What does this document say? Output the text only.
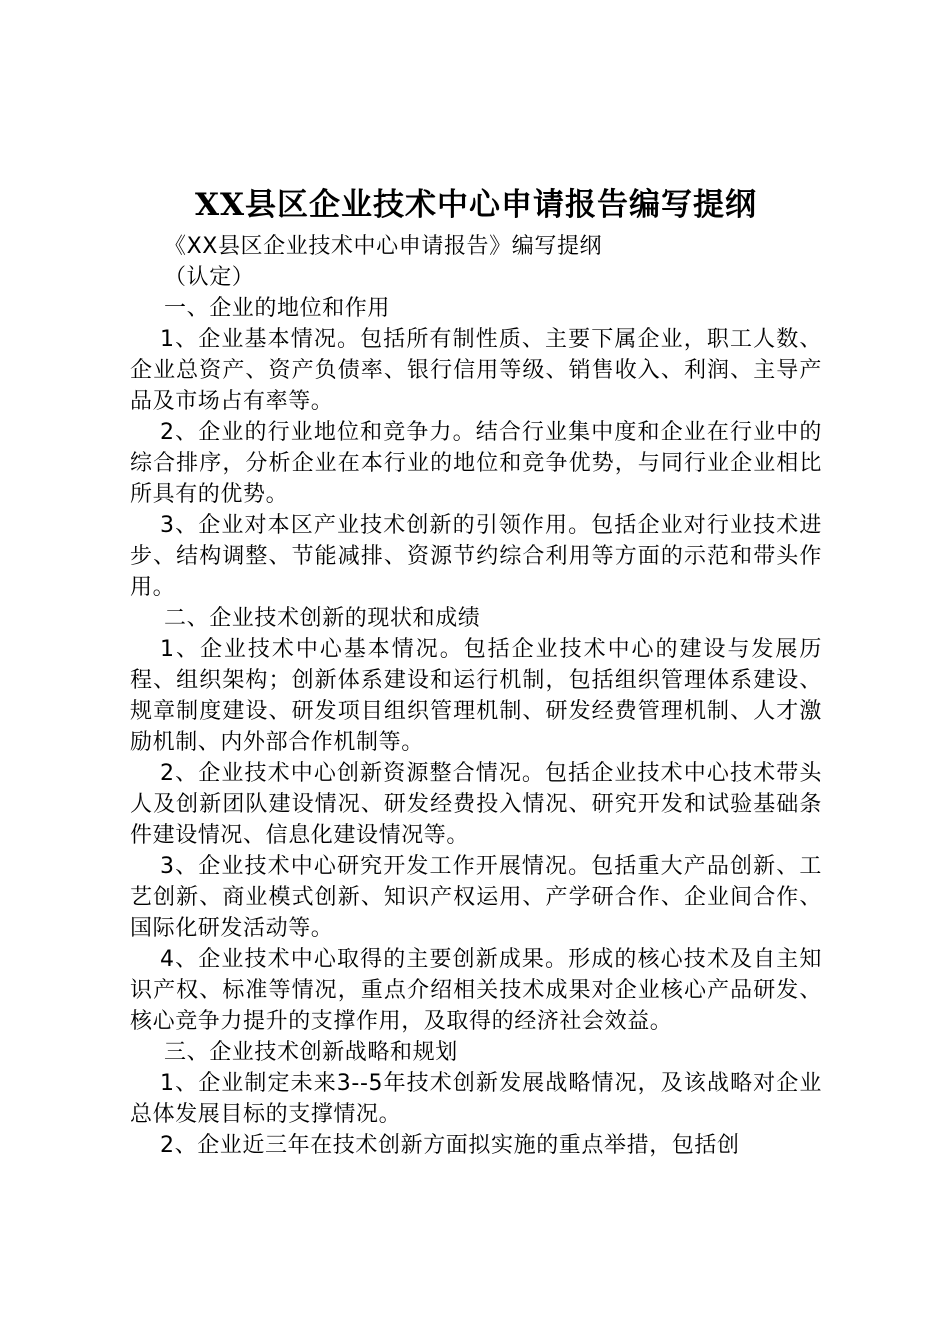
XX县区企业技术中心申请报告编写提纲

《XX县区企业技术中心申请报告》编写提纲

（认定）

一、企业的地位和作用

1、企业基本情况。包括所有制性质、主要下属企业，职工人数、企业总资产、资产负债率、银行信用等级、销售收入、利润、主导产品及市场占有率等。

2、企业的行业地位和竞争力。结合行业集中度和企业在行业中的综合排序，分析企业在本行业的地位和竞争优势，与同行业企业相比所具有的优势。

3、企业对本区产业技术创新的引领作用。包括企业对行业技术进步、结构调整、节能减排、资源节约综合利用等方面的示范和带头作用。

二、企业技术创新的现状和成绩

1、企业技术中心基本情况。包括企业技术中心的建设与发展历程、组织架构；创新体系建设和运行机制，包括组织管理体系建设、规章制度建设、研发项目组织管理机制、研发经费管理机制、人才激励机制、内外部合作机制等。

2、企业技术中心创新资源整合情况。包括企业技术中心技术带头人及创新团队建设情况、研发经费投入情况、研究开发和试验基础条件建设情况、信息化建设情况等。

3、企业技术中心研究开发工作开展情况。包括重大产品创新、工艺创新、商业模式创新、知识产权运用、产学研合作、企业间合作、国际化研发活动等。

4、企业技术中心取得的主要创新成果。形成的核心技术及自主知识产权、标准等情况，重点介绍相关技术成果对企业核心产品研发、核心竞争力提升的支撑作用，及取得的经济社会效益。

三、企业技术创新战略和规划

1、企业制定未来3--5年技术创新发展战略情况，及该战略对企业总体发展目标的支撑情况。

2、企业近三年在技术创新方面拟实施的重点举措，包括创
